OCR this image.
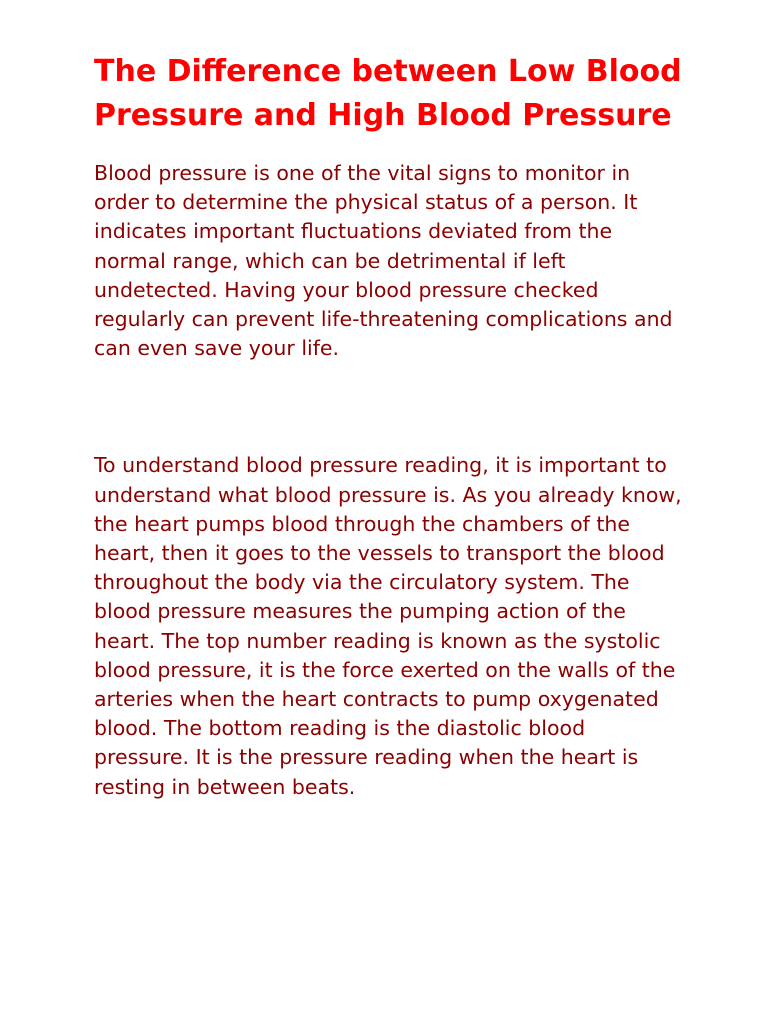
The Difference between Low Blood Pressure and High Blood Pressure

Blood pressure is one of the vital signs to monitor in order to determine the physical status of a person. It indicates important fluctuations deviated from the normal range, which can be detrimental if left undetected. Having your blood pressure checked regularly can prevent life-threatening complications and can even save your life.

To understand blood pressure reading, it is important to understand what blood pressure is. As you already know, the heart pumps blood through the chambers of the heart, then it goes to the vessels to transport the blood throughout the body via the circulatory system. The blood pressure measures the pumping action of the heart. The top number reading is known as the systolic blood pressure, it is the force exerted on the walls of the arteries when the heart contracts to pump oxygenated blood. The bottom reading is the diastolic blood pressure. It is the pressure reading when the heart is resting in between beats.
